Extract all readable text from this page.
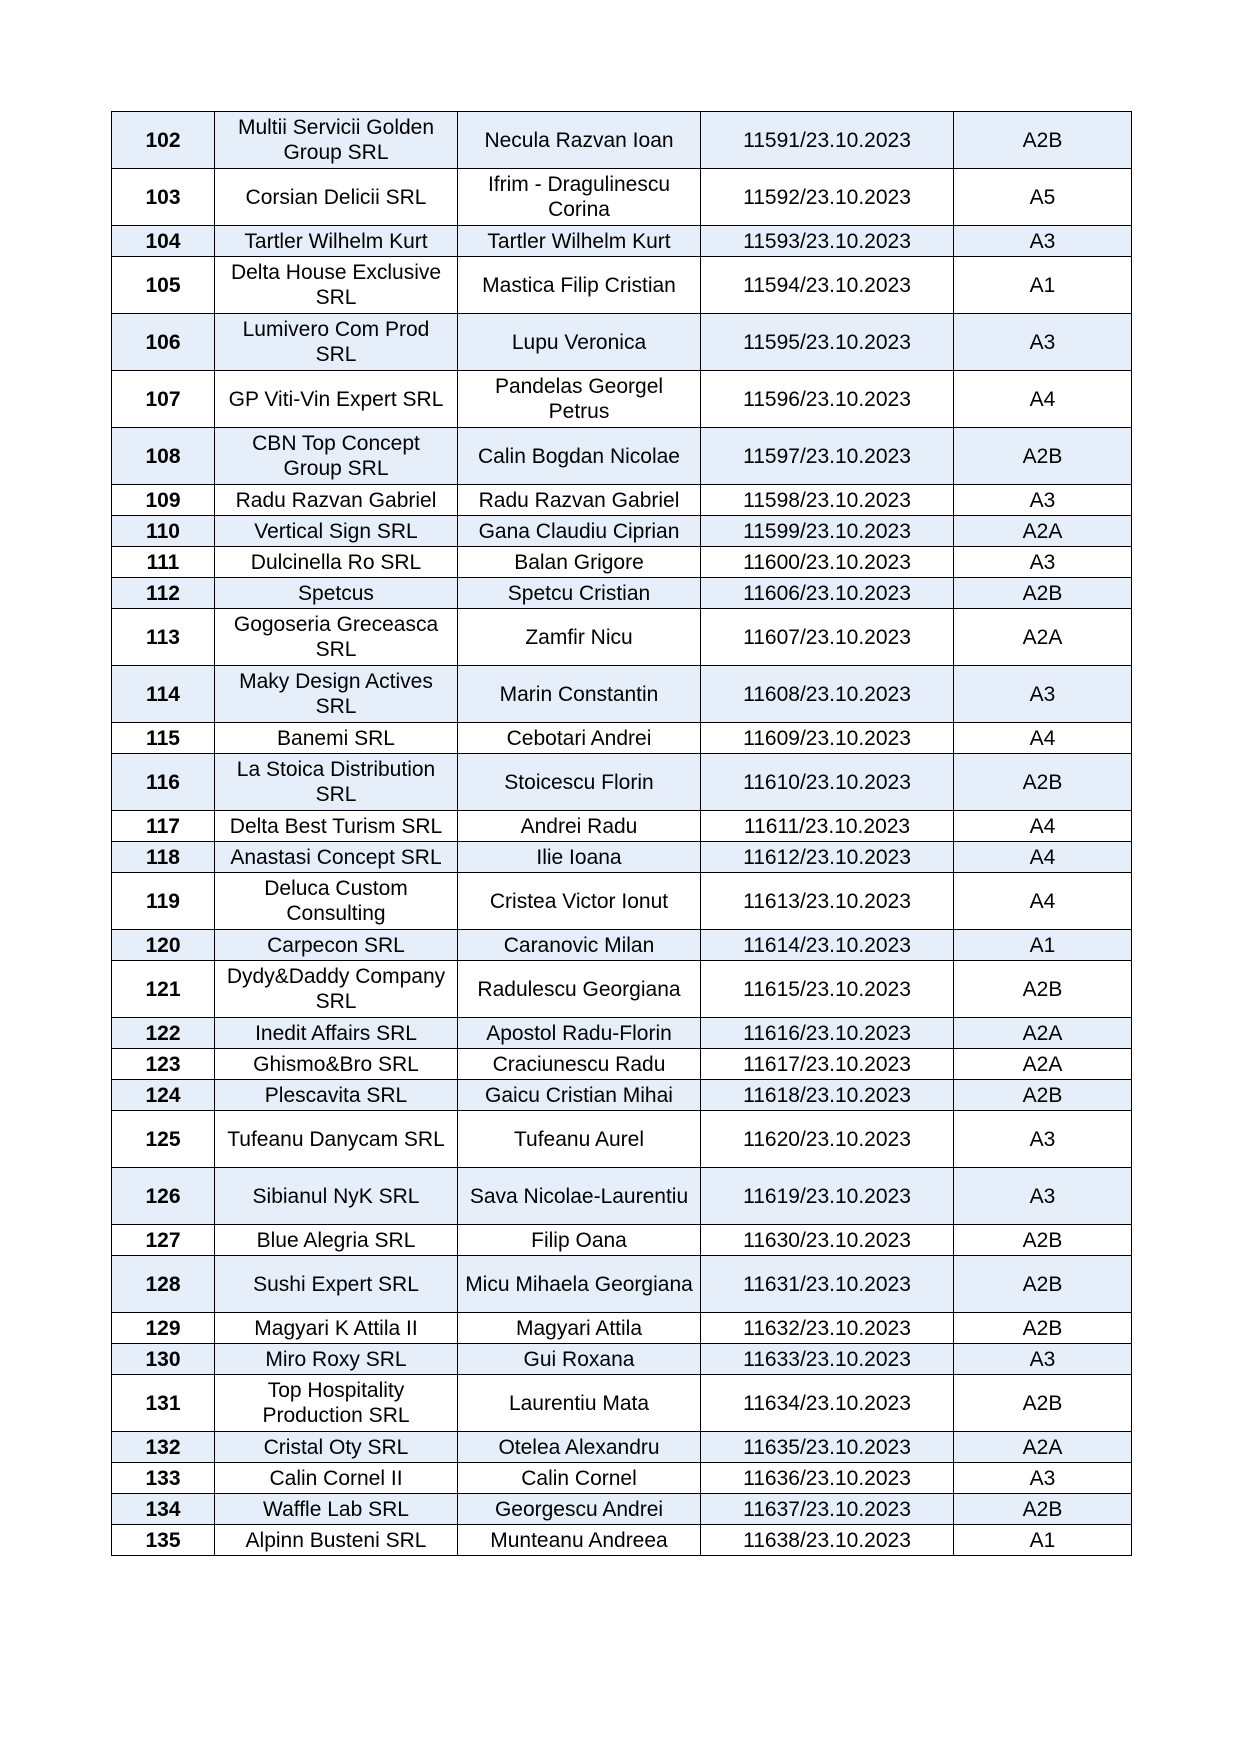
102	Multii Servicii Golden Group SRL	Necula Razvan Ioan	11591/23.10.2023	A2B
103	Corsian Delicii SRL	Ifrim - Dragulinescu Corina	11592/23.10.2023	A5
104	Tartler Wilhelm Kurt	Tartler Wilhelm Kurt	11593/23.10.2023	A3
105	Delta House Exclusive SRL	Mastica Filip Cristian	11594/23.10.2023	A1
106	Lumivero Com Prod SRL	Lupu Veronica	11595/23.10.2023	A3
107	GP Viti-Vin Expert SRL	Pandelas Georgel Petrus	11596/23.10.2023	A4
108	CBN Top Concept Group SRL	Calin Bogdan Nicolae	11597/23.10.2023	A2B
109	Radu Razvan Gabriel	Radu Razvan Gabriel	11598/23.10.2023	A3
110	Vertical Sign SRL	Gana Claudiu Ciprian	11599/23.10.2023	A2A
111	Dulcinella Ro SRL	Balan Grigore	11600/23.10.2023	A3
112	Spetcus	Spetcu Cristian	11606/23.10.2023	A2B
113	Gogoseria Greceasca SRL	Zamfir Nicu	11607/23.10.2023	A2A
114	Maky Design Actives SRL	Marin Constantin	11608/23.10.2023	A3
115	Banemi SRL	Cebotari Andrei	11609/23.10.2023	A4
116	La Stoica Distribution SRL	Stoicescu Florin	11610/23.10.2023	A2B
117	Delta Best Turism SRL	Andrei Radu	11611/23.10.2023	A4
118	Anastasi Concept SRL	Ilie Ioana	11612/23.10.2023	A4
119	Deluca Custom Consulting	Cristea Victor Ionut	11613/23.10.2023	A4
120	Carpecon SRL	Caranovic Milan	11614/23.10.2023	A1
121	Dydy&Daddy Company SRL	Radulescu Georgiana	11615/23.10.2023	A2B
122	Inedit Affairs SRL	Apostol Radu-Florin	11616/23.10.2023	A2A
123	Ghismo&Bro SRL	Craciunescu Radu	11617/23.10.2023	A2A
124	Plescavita SRL	Gaicu Cristian Mihai	11618/23.10.2023	A2B
125	Tufeanu Danycam SRL	Tufeanu Aurel	11620/23.10.2023	A3
126	Sibianul NyK SRL	Sava Nicolae-Laurentiu	11619/23.10.2023	A3
127	Blue Alegria SRL	Filip Oana	11630/23.10.2023	A2B
128	Sushi Expert SRL	Micu Mihaela Georgiana	11631/23.10.2023	A2B
129	Magyari K Attila II	Magyari Attila	11632/23.10.2023	A2B
130	Miro Roxy SRL	Gui Roxana	11633/23.10.2023	A3
131	Top Hospitality Production SRL	Laurentiu Mata	11634/23.10.2023	A2B
132	Cristal Oty SRL	Otelea Alexandru	11635/23.10.2023	A2A
133	Calin Cornel II	Calin Cornel	11636/23.10.2023	A3
134	Waffle Lab SRL	Georgescu Andrei	11637/23.10.2023	A2B
135	Alpinn Busteni SRL	Munteanu Andreea	11638/23.10.2023	A1
